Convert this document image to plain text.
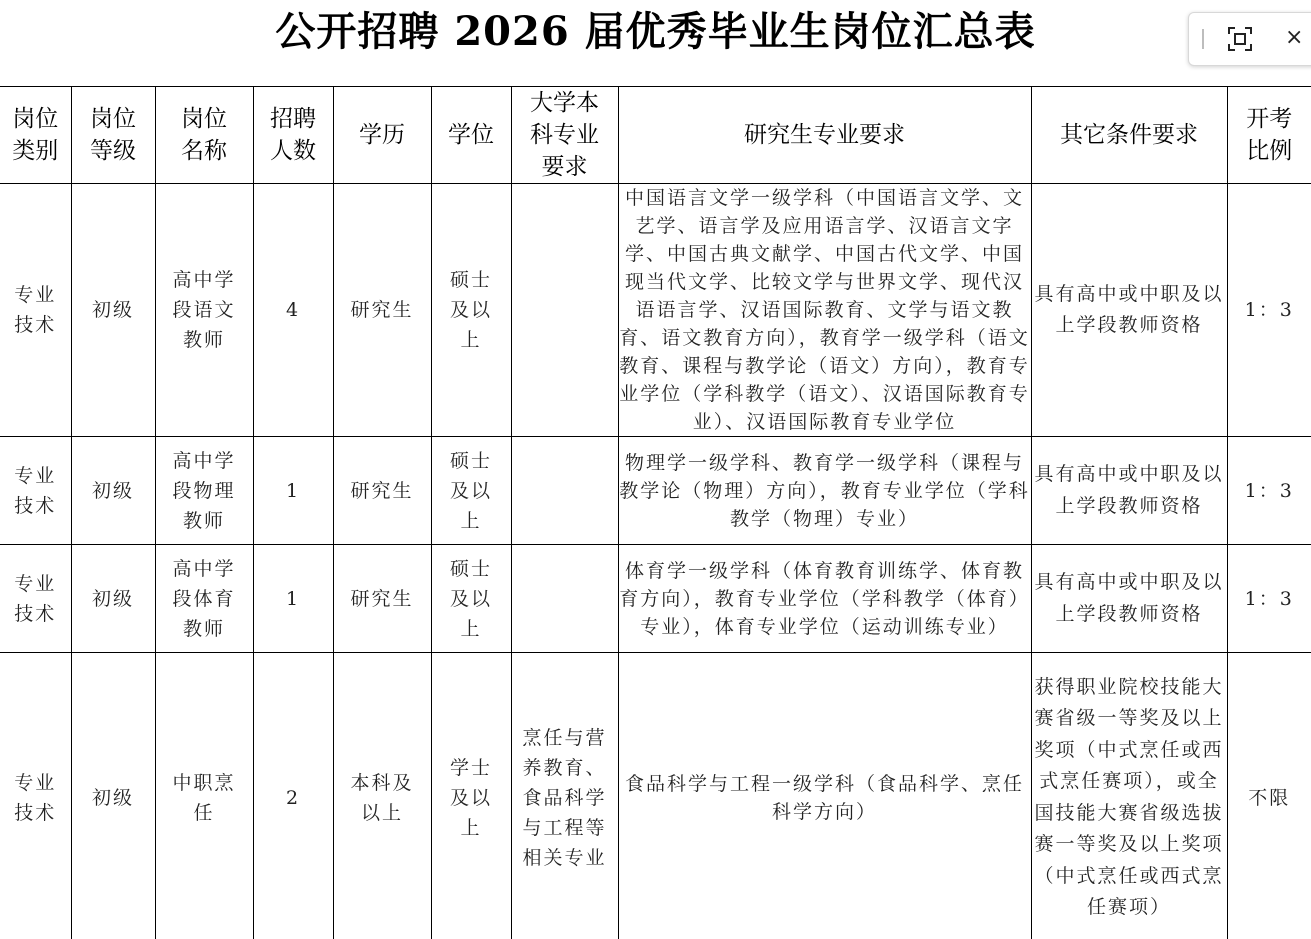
公开招聘 2026 届优秀毕业生岗位汇总表	×
岗位类别	岗位等级	岗位名称	招聘人数	学历	学位	大学本科专业要求	研究生专业要求	其它条件要求	开考比例
专业技术	初级	高中学段语文教师	4	研究生	硕士及以上		中国语言文学一级学科（中国语言文学、文艺学、语言学及应用语言学、汉语言文字学、中国古典文献学、中国古代文学、中国现当代文学、比较文学与世界文学、现代汉语语言学、汉语国际教育、文学与语文教育、语文教育方向），教育学一级学科（语文教育、课程与教学论（语文）方向），教育专业学位（学科教学（语文）、汉语国际教育专业）、汉语国际教育专业学位	具有高中或中职及以上学段教师资格	1：3
专业技术	初级	高中学段物理教师	1	研究生	硕士及以上		物理学一级学科、教育学一级学科（课程与教学论（物理）方向），教育专业学位（学科教学（物理）专业）	具有高中或中职及以上学段教师资格	1：3
专业技术	初级	高中学段体育教师	1	研究生	硕士及以上		体育学一级学科（体育教育训练学、体育教育方向），教育专业学位（学科教学（体育）专业），体育专业学位（运动训练专业）	具有高中或中职及以上学段教师资格	1：3
专业技术	初级	中职烹任	2	本科及以上	学士及以上	烹任与营养教育、食品科学与工程等相关专业	食品科学与工程一级学科（食品科学、烹任科学方向）	获得职业院校技能大赛省级一等奖及以上奖项（中式烹任或西式烹任赛项），或全国技能大赛省级选拔赛一等奖及以上奖项（中式烹任或西式烹任赛项）	不限
